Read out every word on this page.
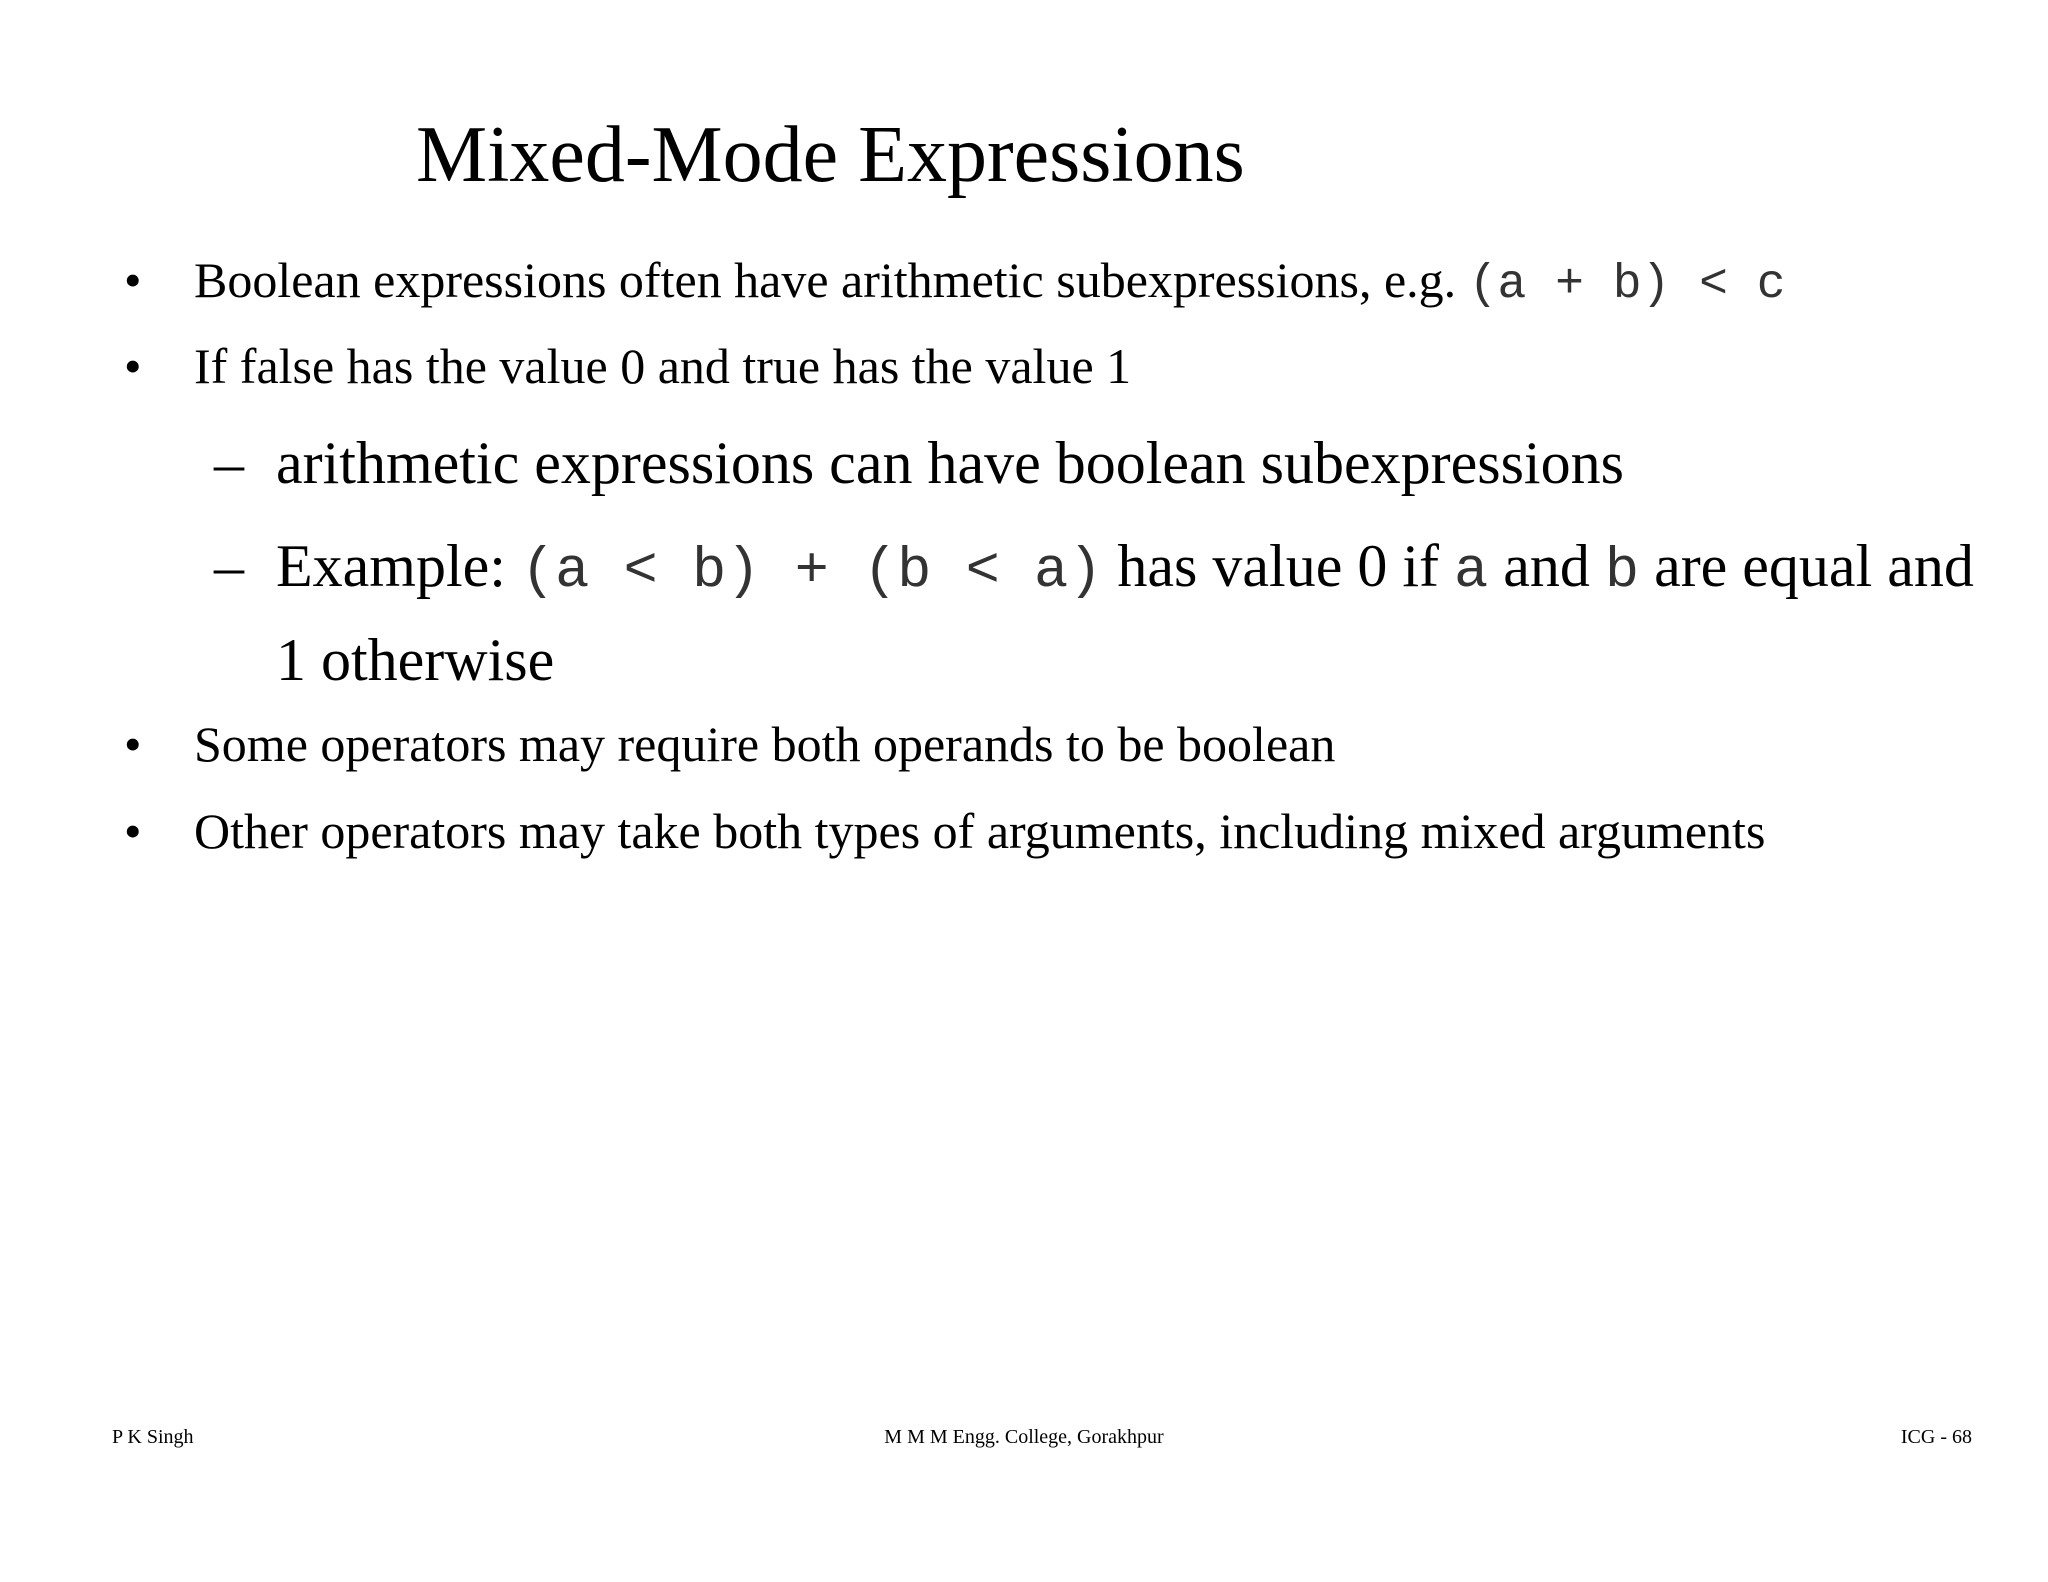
Mixed-Mode Expressions
• Boolean expressions often have arithmetic subexpressions, e.g. (a + b) < c
• If false has the value 0 and true has the value 1
– arithmetic expressions can have boolean subexpressions
– Example: (a < b) + (b < a) has value 0 if a and b are equal and 1 otherwise
• Some operators may require both operands to be boolean
• Other operators may take both types of arguments, including mixed arguments
P K Singh	M M M Engg. College, Gorakhpur	ICG - 68
